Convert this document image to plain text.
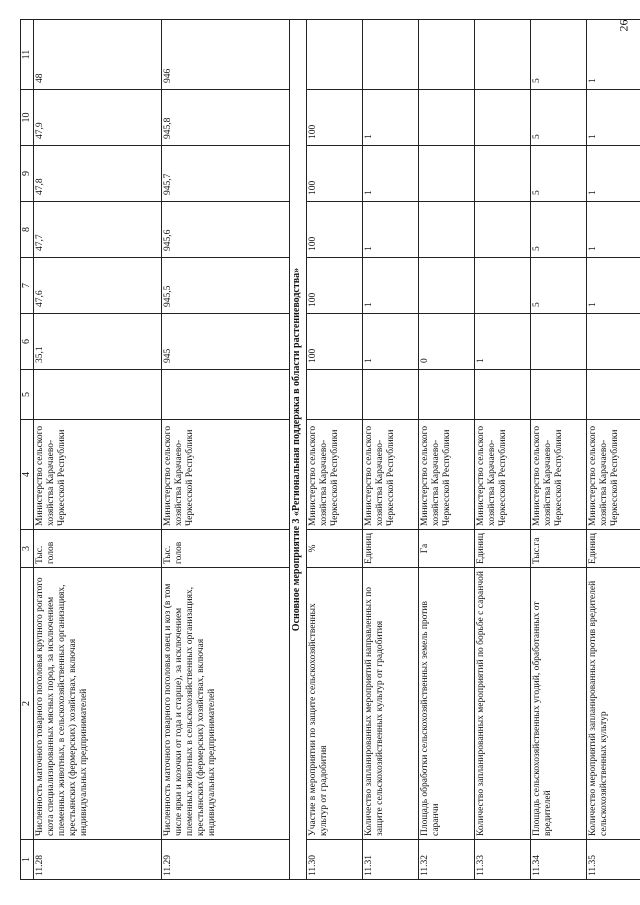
26
1	2	3	4	5	6	7	8	9	10	11
11.28	Численность маточного товарного поголовья крупного рогатого скота специализированных мясных пород, за исключением племенных животных, в сельскохозяйственных организациях, крестьянских (фермерских) хозяйствах, включая индивидуальных предпринимателей	Тыс. голов	Министерство сельского хозяйства Карачаево-Черкесской Республики		35,1	47,6	47,7	47,8	47,9	48
11.29	Численность маточного товарного поголовья овец и коз (в том числе ярки и козочки от года и старше), за исключением племенных животных в сельскохозяйственных организациях, крестьянских (фермерских) хозяйствах, включая индивидуальных предпринимателей	Тыс. голов	Министерство сельского хозяйства Карачаево-Черкесской Республики		945	945,5	945,6	945,7	945,8	946
Основное мероприятие 3 «Региональная поддержка в области растениеводства»										
11.30	Участие в мероприятии по защите сельскохозяйственных культур от градобития	%	Министерство сельского хозяйства Карачаево-Черкесской Республики		100	100	100	100	100	
11.31	Количество запланированных мероприятий направленных по защите сельскохозяйственных культур от градобития	Единиц	Министерство сельского хозяйства Карачаево-Черкесской Республики		1	1	1	1	1	
11.32	Площадь обработки сельскохозяйственных земель против саранчи	Га	Министерство сельского хозяйства Карачаево-Черкесской Республики		0					
11.33	Количество запланированных мероприятий по борьбе с саранчой	Единиц	Министерство сельского хозяйства Карачаево-Черкесской Республики		1					
11.34	Площадь сельскохозяйственных угодий, обработанных от вредителей	Тыс.га	Министерство сельского хозяйства Карачаево-Черкесской Республики			5	5	5	5	5
11.35	Количество мероприятий запланированных против вредителей сельскохозяйственных культур	Единиц	Министерство сельского хозяйства Карачаево-Черкесской Республики			1	1	1	1	1
